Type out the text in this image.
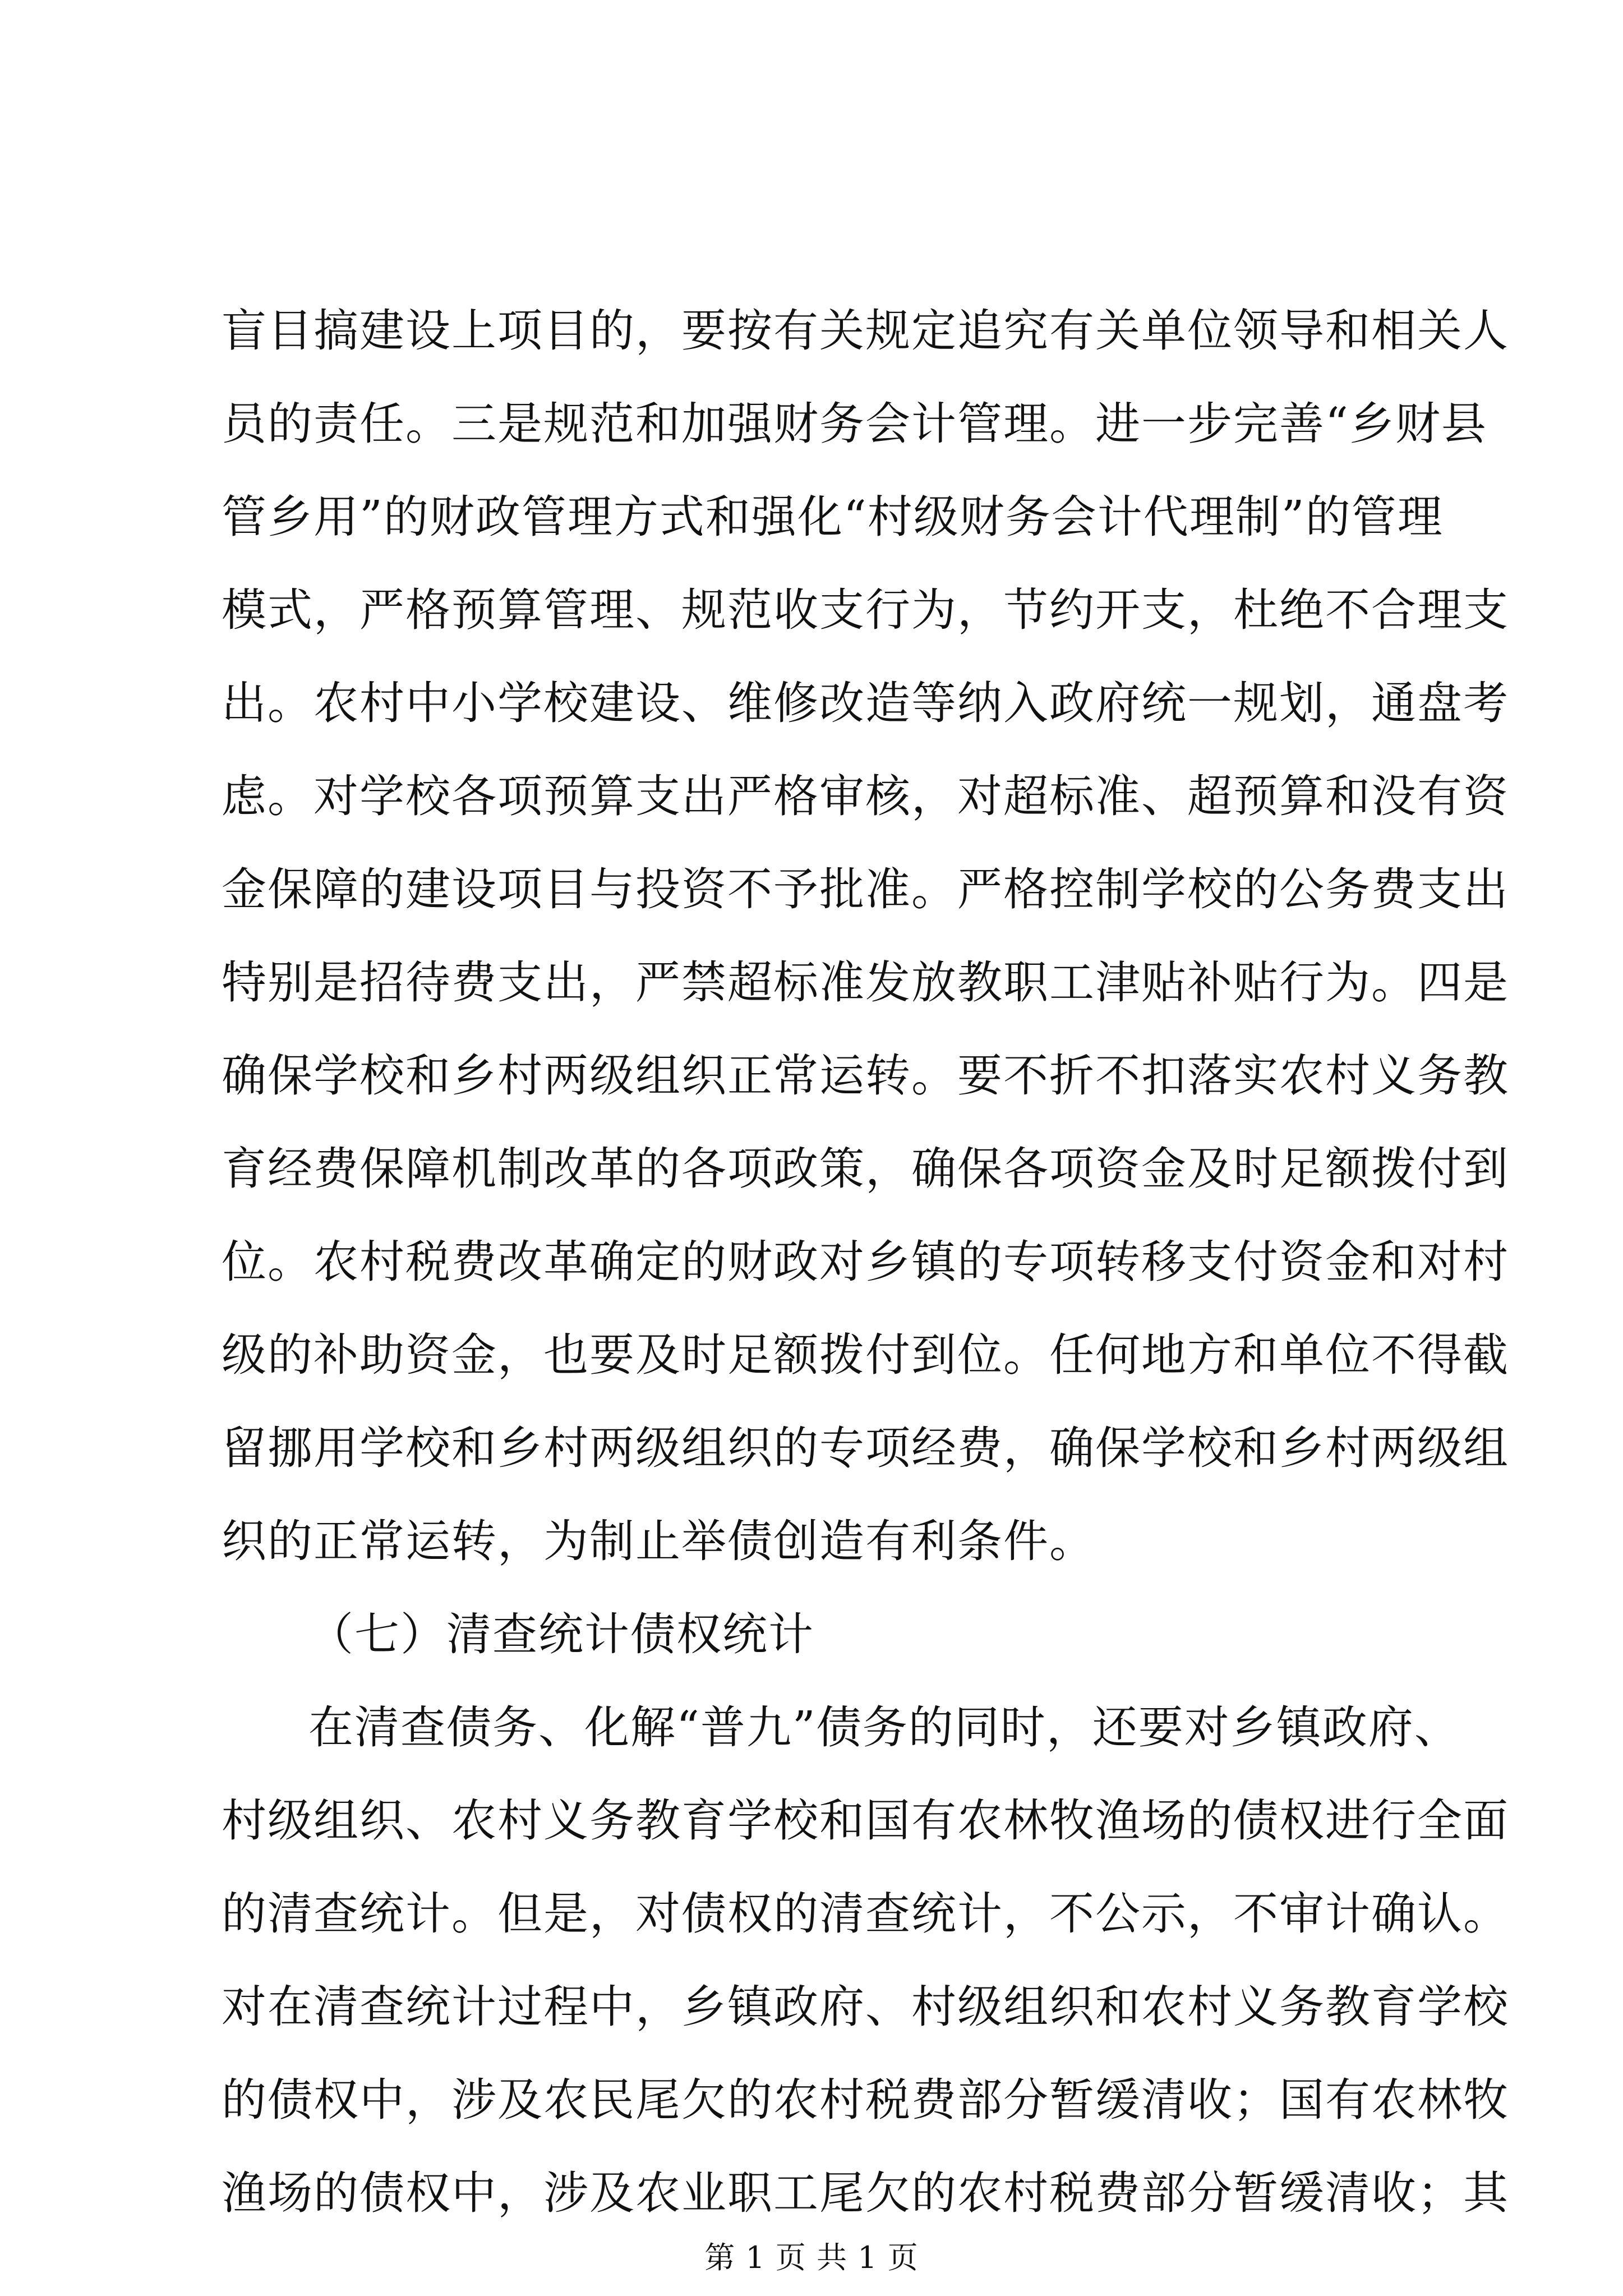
盲目搞建设上项目的，要按有关规定追究有关单位领导和相关人
员的责任。三是规范和加强财务会计管理。进一步完善“乡财县
管乡用”的财政管理方式和强化“村级财务会计代理制”的管理
模式，严格预算管理、规范收支行为，节约开支，杜绝不合理支
出。农村中小学校建设、维修改造等纳入政府统一规划，通盘考
虑。对学校各项预算支出严格审核，对超标准、超预算和没有资
金保障的建设项目与投资不予批准。严格控制学校的公务费支出
特别是招待费支出，严禁超标准发放教职工津贴补贴行为。四是
确保学校和乡村两级组织正常运转。要不折不扣落实农村义务教
育经费保障机制改革的各项政策，确保各项资金及时足额拨付到
位。农村税费改革确定的财政对乡镇的专项转移支付资金和对村
级的补助资金，也要及时足额拨付到位。任何地方和单位不得截
留挪用学校和乡村两级组织的专项经费，确保学校和乡村两级组
织的正常运转，为制止举债创造有利条件。
（七）清查统计债权统计
在清查债务、化解“普九”债务的同时，还要对乡镇政府、
村级组织、农村义务教育学校和国有农林牧渔场的债权进行全面
的清查统计。但是，对债权的清查统计，不公示，不审计确认。
对在清查统计过程中，乡镇政府、村级组织和农村义务教育学校
的债权中，涉及农民尾欠的农村税费部分暂缓清收；国有农林牧
渔场的债权中，涉及农业职工尾欠的农村税费部分暂缓清收；其
第 1 页 共 1 页
